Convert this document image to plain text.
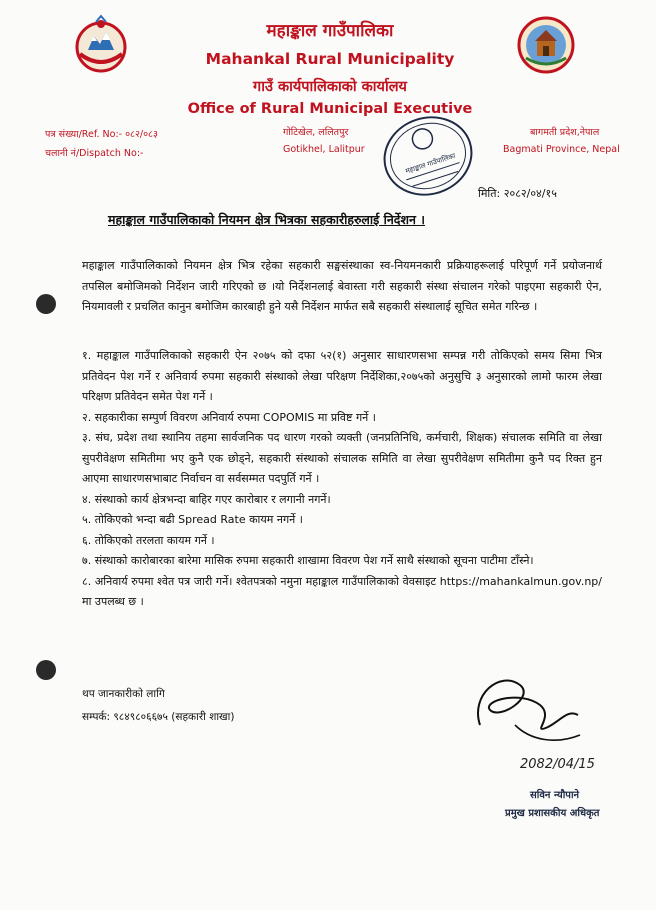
महाङ्काल गाउँपालिका
Mahankal Rural Municipality
गाउँ कार्यपालिकाको कार्यालय
Office of Rural Municipal Executive
पत्र संख्या/Ref. No:- ०८२/०८३
चलानी नं/Dispatch No:-
गोटिखेल, ललितपुर
Gotikhel, Lalitpur
बागमती प्रदेश,नेपाल
Bagmati Province, Nepal
महाङ्काल गाउँपालिका
मिति: २०८२/०४/१५
महाङ्काल गाउँपालिकाको नियमन क्षेत्र भित्रका सहकारीहरुलाई निर्देशन ।
महाङ्काल गाउँपालिकाको नियमन क्षेत्र भित्र रहेका सहकारी सङ्घसंस्थाका स्व-नियमनकारी प्रक्रियाहरूलाई परिपूर्ण गर्ने प्रयोजनार्थ तपसिल बमोजिमको निर्देशन जारी गरिएको छ ।यो निर्देशनलाई बेवास्ता गरी सहकारी संस्था संचालन गरेको पाइएमा सहकारी ऐन, नियमावली र प्रचलित कानुन बमोजिम कारबाही हुने यसै निर्देशन मार्फत सबै सहकारी संस्थालाई सूचित समेत गरिन्छ ।
१. महाङ्काल गाउँपालिकाको सहकारी ऐन २०७५ को दफा ५२(१) अनुसार साधारणसभा सम्पन्न गरी तोकिएको समय सिमा भित्र प्रतिवेदन पेश गर्ने र अनिवार्य रुपमा सहकारी संस्थाको लेखा परिक्षण निर्देशिका,२०७५को अनुसुचि ३ अनुसारको लामो फारम लेखा परिक्षण प्रतिवेदन समेत पेश गर्ने ।
२. सहकारीका सम्पुर्ण विवरण अनिवार्य रुपमा COPOMIS मा प्रविष्ट गर्ने ।
३. संघ, प्रदेश तथा स्थानिय तहमा सार्वजनिक पद धारण गरको व्यक्ती (जनप्रतिनिधि, कर्मचारी, शिक्षक) संचालक समिति वा लेखा सुपरीवेक्षण समितीमा भए कुनै एक छोड्ने, सहकारी संस्थाको संचालक समिति वा लेखा सुपरीवेक्षण समितीमा कुनै पद रिक्त हुन आएमा साधारणसभाबाट निर्वाचन वा सर्वसम्मत पदपुर्ति गर्ने ।
४. संस्थाको कार्य क्षेत्रभन्दा बाहिर गएर कारोबार र लगानी नगर्ने।
५. तोकिएको भन्दा बढी Spread Rate कायम नगर्ने ।
६. तोकिएको तरलता कायम गर्ने ।
७. संस्थाको कारोबारका बारेमा मासिक रुपमा सहकारी शाखामा विवरण पेश गर्ने साथै संस्थाको सूचना पाटीमा टाँस्ने।
८. अनिवार्य रुपमा श्वेत पत्र जारी गर्ने। श्वेतपत्रको नमुना महाङ्काल गाउँपालिकाको वेवसाइट https://mahankalmun.gov.np/ मा उपलब्ध छ ।
थप जानकारीको लागि
सम्पर्क: ९८४९८०६६७५ (सहकारी शाखा)
2082/04/15
सविन न्यौपाने
प्रमुख प्रशासकीय अधिकृत
